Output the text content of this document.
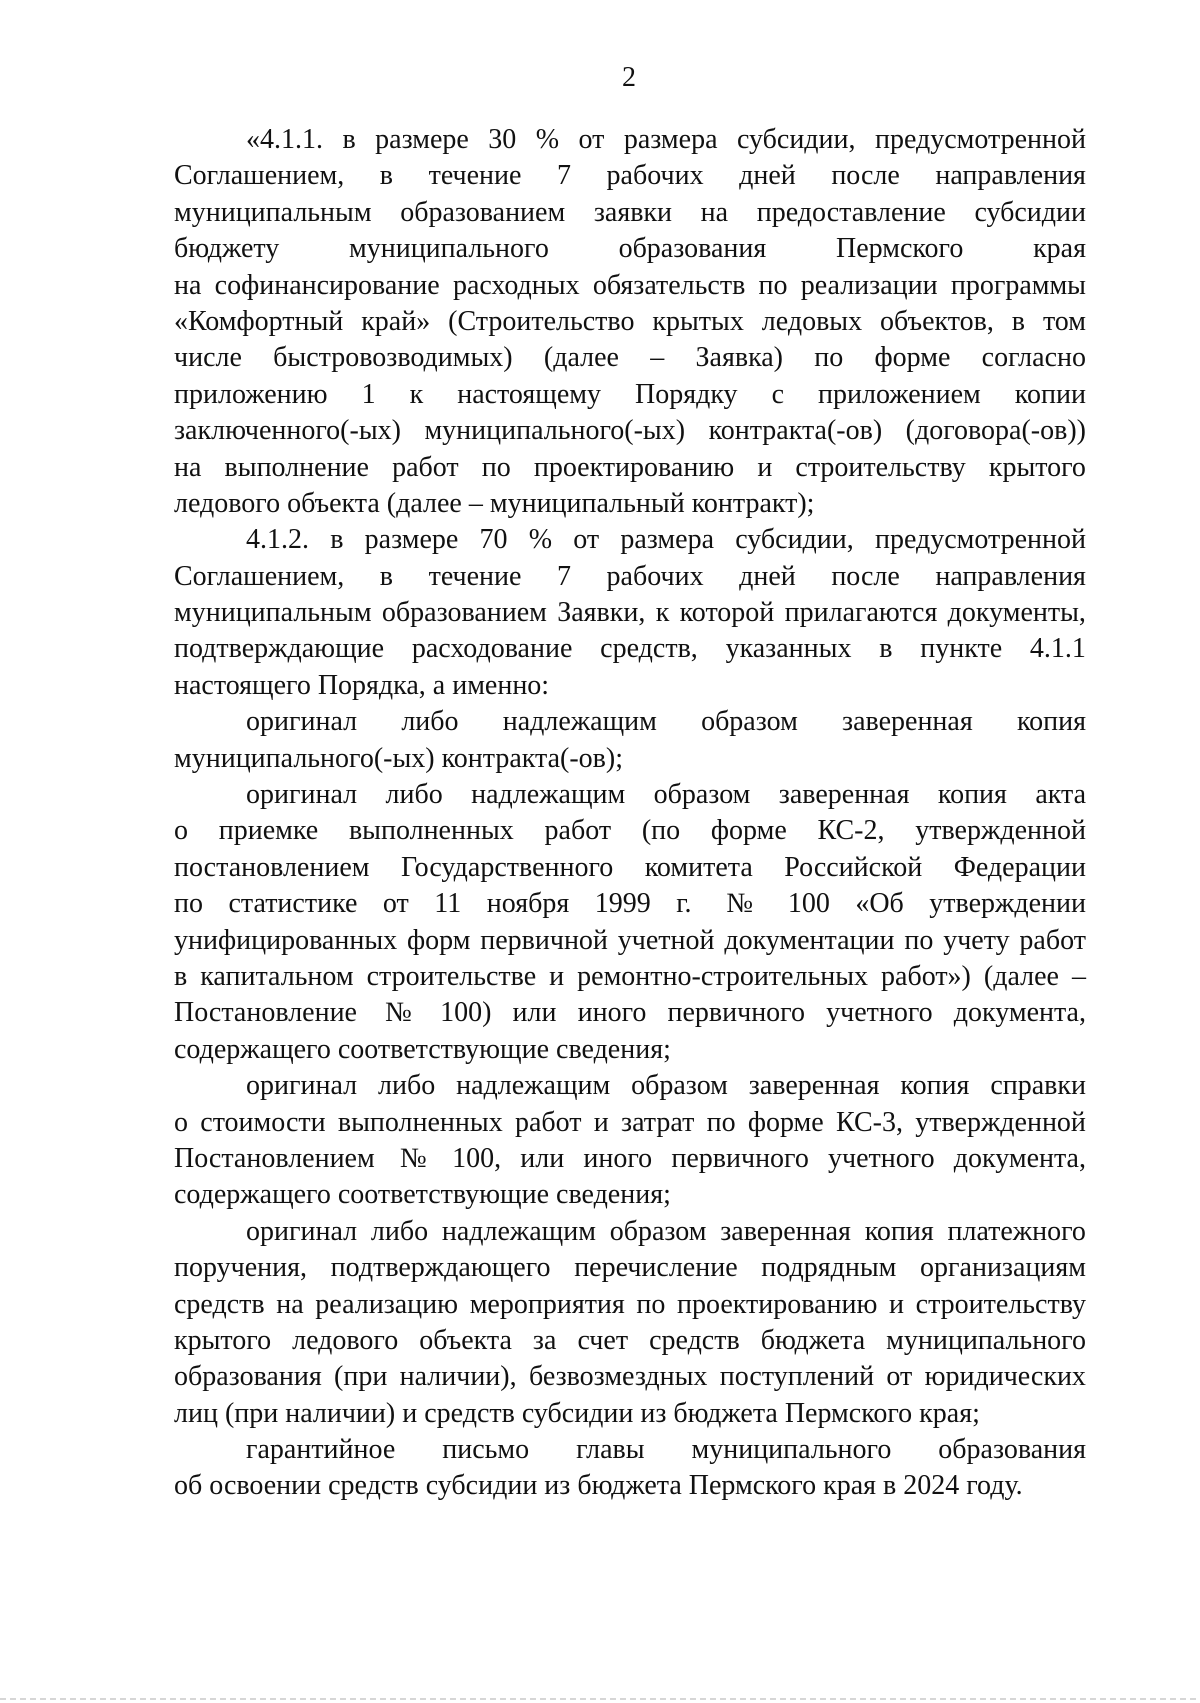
2
«4.1.1. в размере 30 % от размера субсидии, предусмотренной
Соглашением, в течение 7 рабочих дней после направления
муниципальным образованием заявки на предоставление субсидии
бюджету муниципального образования Пермского края
на софинансирование расходных обязательств по реализации программы
«Комфортный край» (Строительство крытых ледовых объектов, в том
числе быстровозводимых) (далее – Заявка) по форме согласно
приложению 1 к настоящему Порядку с приложением копии
заключенного(-ых) муниципального(-ых) контракта(-ов) (договора(-ов))
на выполнение работ по проектированию и строительству крытого
ледового объекта (далее – муниципальный контракт);
4.1.2. в размере 70 % от размера субсидии, предусмотренной
Соглашением, в течение 7 рабочих дней после направления
муниципальным образованием Заявки, к которой прилагаются документы,
подтверждающие расходование средств, указанных в пункте 4.1.1
настоящего Порядка, а именно:
оригинал либо надлежащим образом заверенная копия
муниципального(-ых) контракта(-ов);
оригинал либо надлежащим образом заверенная копия акта
о приемке выполненных работ (по форме КС-2, утвержденной
постановлением Государственного комитета Российской Федерации
по статистике от 11 ноября 1999 г. № 100 «Об утверждении
унифицированных форм первичной учетной документации по учету работ
в капитальном строительстве и ремонтно-строительных работ») (далее –
Постановление № 100) или иного первичного учетного документа,
содержащего соответствующие сведения;
оригинал либо надлежащим образом заверенная копия справки
о стоимости выполненных работ и затрат по форме КС-3, утвержденной
Постановлением № 100, или иного первичного учетного документа,
содержащего соответствующие сведения;
оригинал либо надлежащим образом заверенная копия платежного
поручения, подтверждающего перечисление подрядным организациям
средств на реализацию мероприятия по проектированию и строительству
крытого ледового объекта за счет средств бюджета муниципального
образования (при наличии), безвозмездных поступлений от юридических
лиц (при наличии) и средств субсидии из бюджета Пермского края;
гарантийное письмо главы муниципального образования
об освоении средств субсидии из бюджета Пермского края в 2024 году.
